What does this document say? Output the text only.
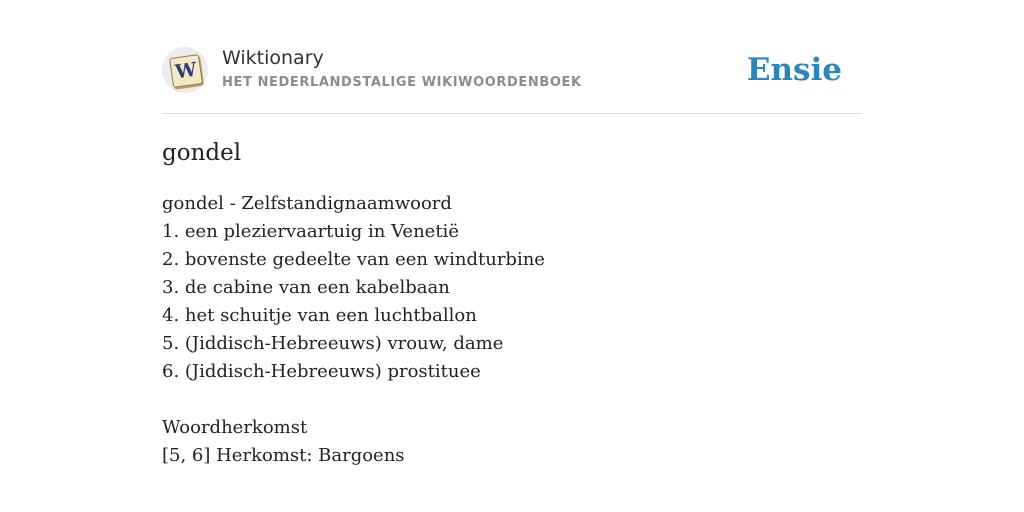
W
Wiktionary
HET NEDERLANDSTALIGE WIKIWOORDENBOEK	Ensie
gondel
gondel - Zelfstandignaamwoord
1. een pleziervaartuig in Venetië
2. bovenste gedeelte van een windturbine
3. de cabine van een kabelbaan
4. het schuitje van een luchtballon
5. (Jiddisch-Hebreeuws) vrouw, dame
6. (Jiddisch-Hebreeuws) prostituee
Woordherkomst
[5, 6] Herkomst: Bargoens
